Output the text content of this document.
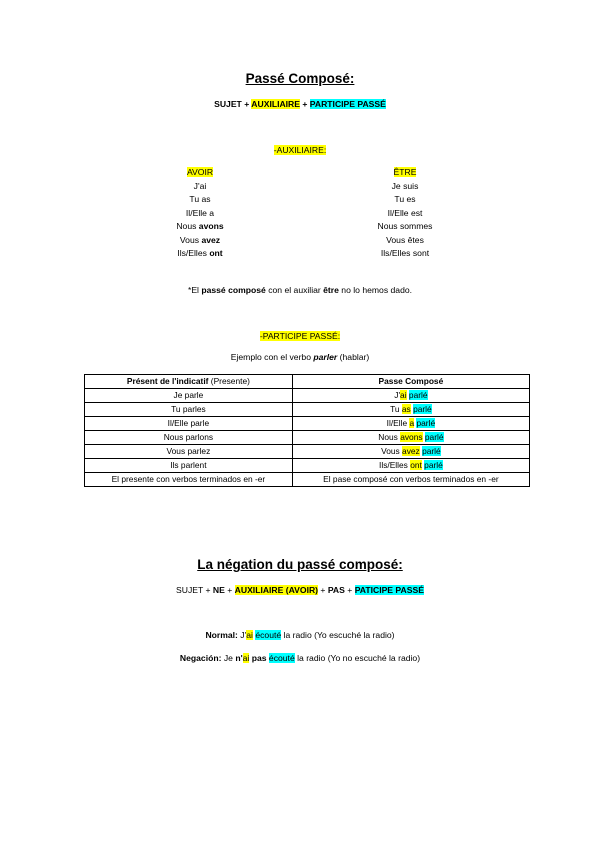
Passé Composé:
SUJET + AUXILIAIRE + PARTICIPE PASSÉ
-AUXILIAIRE:
AVOIR
J'ai
Tu as
Il/Elle a
Nous avons
Vous avez
Ils/Elles ont
ÊTRE
Je suis
Tu es
Il/Elle est
Nous sommes
Vous êtes
Ils/Elles sont
*El passé composé con el auxiliar être no lo hemos dado.
-PARTICIPE PASSÉ:
Ejemplo con el verbo parler (hablar)
Présent de l'indicatif (Presente)	Passe Composé
Je parle	J'ai parlé
Tu parles	Tu as parlé
Il/Elle parle	Il/Elle a parlé
Nous parlons	Nous avons parlé
Vous parlez	Vous avez parlé
Ils parlent	Ils/Elles ont parlé
El presente con verbos terminados en -er	El pase composé con verbos terminados en -er
La négation du passé composé:
SUJET + NE + AUXILIAIRE (AVOIR) + PAS + PATICIPE PASSÉ
Normal: J'ai écouté la radio (Yo escuché la radio)
Negación: Je n'ai pas écouté la radio (Yo no escuché la radio)
